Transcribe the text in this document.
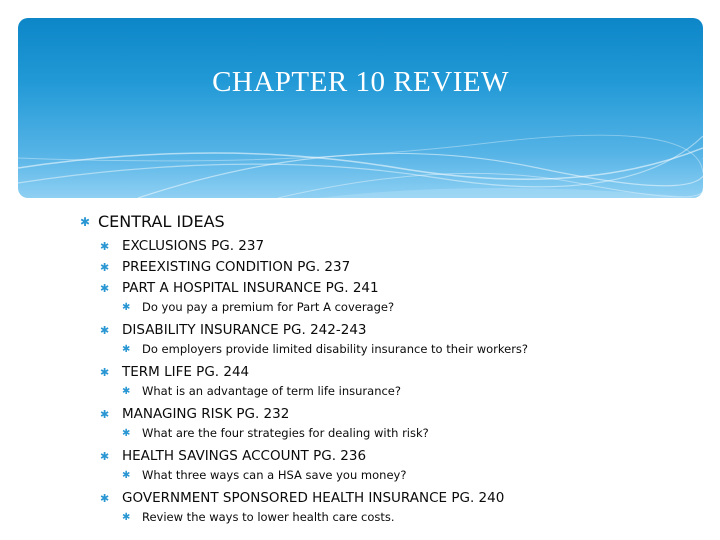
CHAPTER 10 REVIEW
✱ CENTRAL IDEAS
✱ EXCLUSIONS PG. 237
✱ PREEXISTING CONDITION PG. 237
✱ PART A HOSPITAL INSURANCE PG. 241
✱ Do you pay a premium for Part A coverage?
✱ DISABILITY INSURANCE PG. 242-243
✱ Do employers provide limited disability insurance to their workers?
✱ TERM LIFE PG. 244
✱ What is an advantage of term life insurance?
✱ MANAGING RISK PG. 232
✱ What are the four strategies for dealing with risk?
✱ HEALTH SAVINGS ACCOUNT PG. 236
✱ What three ways can a HSA save you money?
✱ GOVERNMENT SPONSORED HEALTH INSURANCE PG. 240
✱ Review the ways to lower health care costs.
